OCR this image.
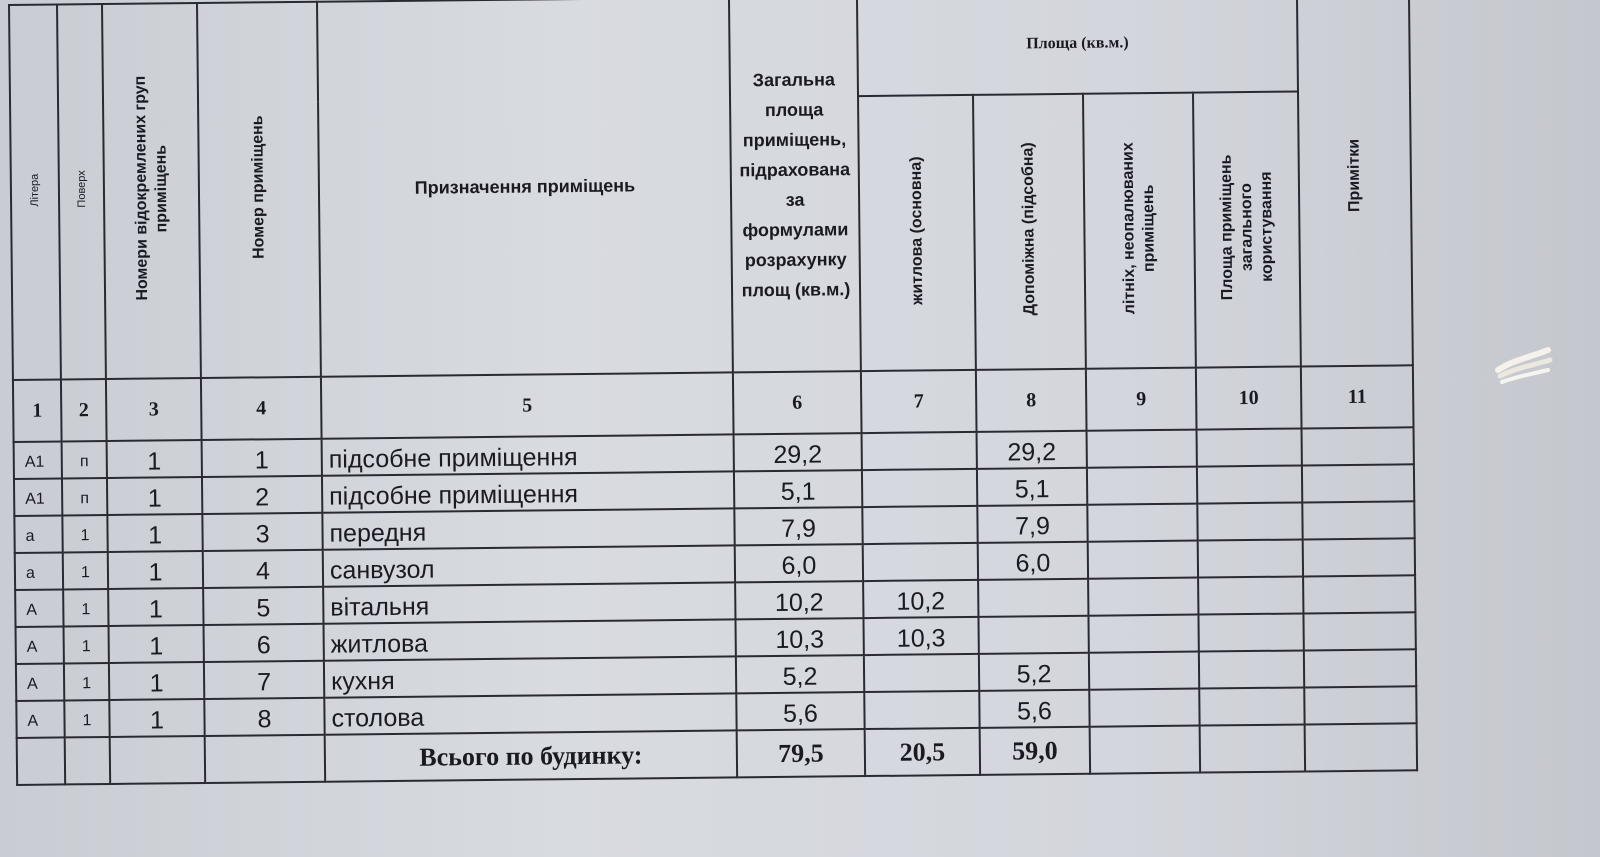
Літера	Поверх	Номери відокремлених груп приміщень	Номер приміщень	Призначення приміщень	Загальна площа приміщень, підрахована за формулами розрахунку площ (кв.м.)	Площа (кв.м.)				Примітки
						житлова (основна)	Допоміжна (підсобна)	літніх, неопалюваних приміщень	Площа приміщень загального користування	
1	2	3	4	5	6	7	8	9	10	11
А1	п	1	1	підсобне приміщення	29,2		29,2			
А1	п	1	2	підсобне приміщення	5,1		5,1			
а	1	1	3	передня	7,9		7,9			
а	1	1	4	санвузол	6,0		6,0			
А	1	1	5	вітальня	10,2	10,2				
А	1	1	6	житлова	10,3	10,3				
А	1	1	7	кухня	5,2		5,2			
А	1	1	8	столова	5,6		5,6			
				Всього по будинку:	79,5	20,5	59,0			
